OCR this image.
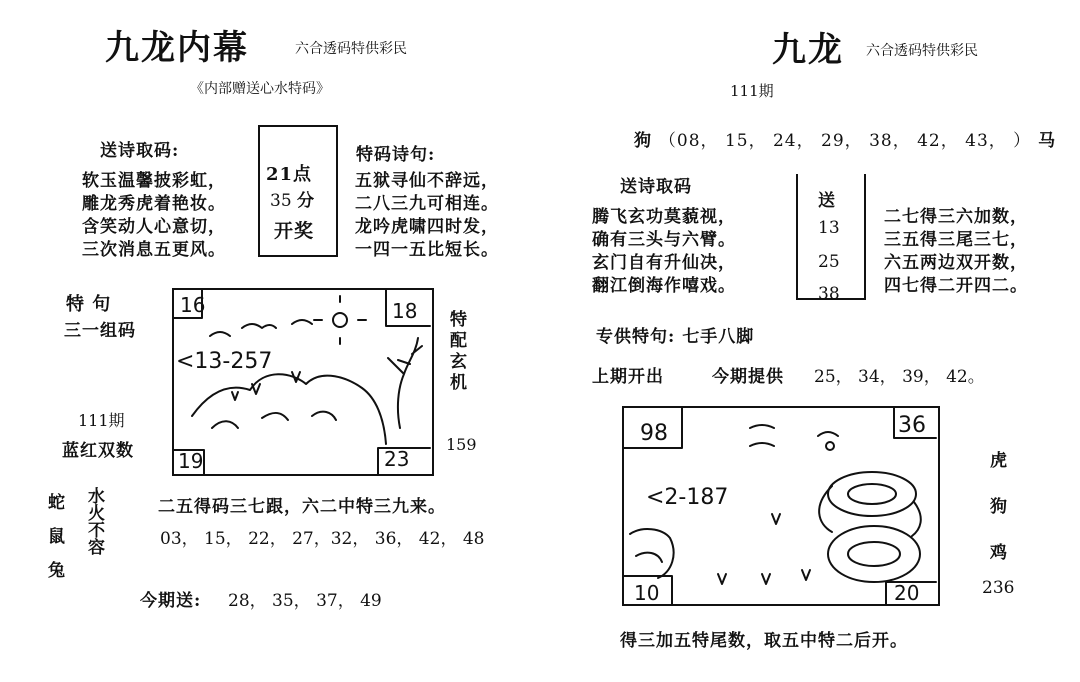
九龙内幕	六合透码特供彩民
《内部赠送心水特码》
送诗取码:
软玉温馨披彩虹，
雕龙秀虎着艳妆。
含笑动人心意切，
三次消息五更风。
21点
35 分
开奖
特码诗句:
五狱寻仙不辞远，
二八三九可相连。
龙吟虎啸四时发，
一四一五比短长。
特 句
三一组码
111期
蓝红双数
16	18
19	23
<13-257	特配玄机
159
蛇
鼠
兔
水火不容	二五得码三七跟，六二中特三九来。
03， 15， 22， 27，32， 36， 42， 48
今期送: 28， 35， 37， 49
九龙 六合透码特供彩民
111期
狗 （08， 15， 24， 29， 38， 42， 43， ） 马
送诗取码
腾飞玄功莫藐视，
确有三头与六臂。
玄门自有升仙决，
翻江倒海作嘻戏。
送
13
25
38
二七得三六加数，
三五得三尾三七，
六五两边双开数，
四七得二开四二。
专供特句: 七手八脚
上期开出	今期提供 25， 34， 39， 42。
98	36
10	20
<2-187
虎
狗
鸡
236
得三加五特尾数，取五中特二后开。
